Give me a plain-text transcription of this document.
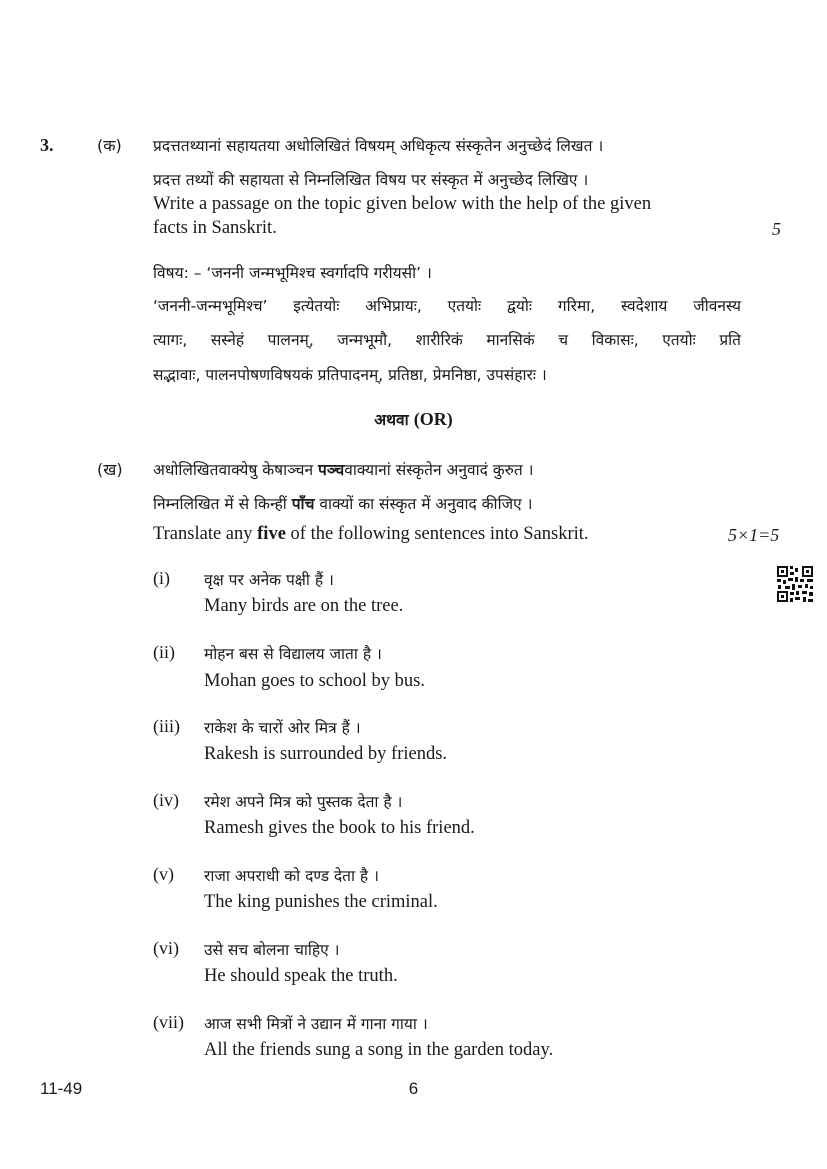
3.	(क) प्रदत्ततथ्यानां सहायतया अधोलिखितं विषयम् अधिकृत्य संस्कृतेन अनुच्छेदं लिखत ।
प्रदत्त तथ्यों की सहायता से निम्नलिखित विषय पर संस्कृत में अनुच्छेद लिखिए ।
Write a passage on the topic given below with the help of the given
facts in Sanskrit.	5
विषय: – ‘जननी जन्मभूमिश्च स्वर्गादपि गरीयसी’ ।
‘जननी-जन्मभूमिश्च’ इत्येतयोः अभिप्रायः, एतयोः द्वयोः गरिमा, स्वदेशाय जीवनस्य
त्यागः, सस्नेहं पालनम्, जन्मभूमौ, शारीरिकं मानसिकं च विकासः, एतयोः प्रति
सद्भावाः, पालनपोषणविषयकं प्रतिपादनम्, प्रतिष्ठा, प्रेमनिष्ठा, उपसंहारः ।
अथवा (OR)
(ख) अधोलिखितवाक्येषु केषाञ्चन पञ्चवाक्यानां संस्कृतेन अनुवादं कुरुत ।
निम्नलिखित में से किन्हीं पाँच वाक्यों का संस्कृत में अनुवाद कीजिए ।
Translate any five of the following sentences into Sanskrit.	5×1=5
(i) वृक्ष पर अनेक पक्षी हैं ।
Many birds are on the tree.
(ii) मोहन बस से विद्यालय जाता है ।
Mohan goes to school by bus.
(iii) राकेश के चारों ओर मित्र हैं ।
Rakesh is surrounded by friends.
(iv) रमेश अपने मित्र को पुस्तक देता है ।
Ramesh gives the book to his friend.
(v) राजा अपराधी को दण्ड देता है ।
The king punishes the criminal.
(vi) उसे सच बोलना चाहिए ।
He should speak the truth.
(vii) आज सभी मित्रों ने उद्यान में गाना गाया ।
All the friends sung a song in the garden today.
11-49	6
